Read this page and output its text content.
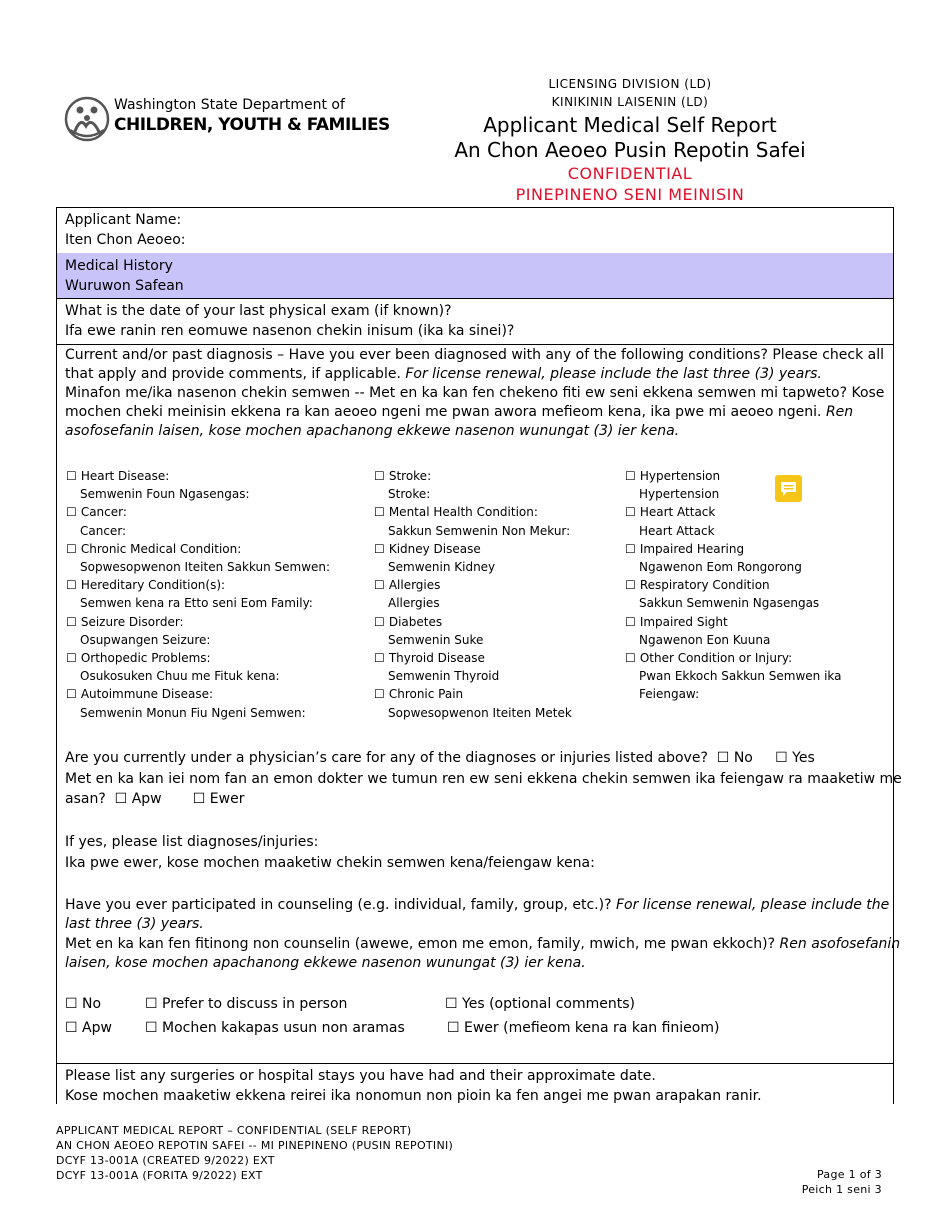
Washington State Department of
CHILDREN, YOUTH & FAMILIES
LICENSING DIVISION (LD)
KINIKININ LAISENIN (LD)
Applicant Medical Self Report
An Chon Aeoeo Pusin Repotin Safei
CONFIDENTIAL
PINEPINENO SENI MEINISIN
Applicant Name:
Iten Chon Aeoeo:
Medical History
Wuruwon Safean
What is the date of your last physical exam (if known)?
Ifa ewe ranin ren eomuwe nasenon chekin inisum (ika ka sinei)?
Current and/or past diagnosis – Have you ever been diagnosed with any of the following conditions? Please check all
that apply and provide comments, if applicable. For license renewal, please include the last three (3) years.
Minafon me/ika nasenon chekin semwen -- Met en ka kan fen chekeno fiti ew seni ekkena semwen mi tapweto? Kose
mochen cheki meinisin ekkena ra kan aeoeo ngeni me pwan awora mefieom kena, ika pwe mi aeoeo ngeni. Ren
asofosefanin laisen, kose mochen apachanong ekkewe nasenon wunungat (3) ier kena.
☐ Heart Disease:
Semwenin Foun Ngasengas:
☐ Cancer:
Cancer:
☐ Chronic Medical Condition:
Sopwesopwenon Iteiten Sakkun Semwen:
☐ Hereditary Condition(s):
Semwen kena ra Etto seni Eom Family:
☐ Seizure Disorder:
Osupwangen Seizure:
☐ Orthopedic Problems:
Osukosuken Chuu me Fituk kena:
☐ Autoimmune Disease:
Semwenin Monun Fiu Ngeni Semwen:
☐ Stroke:
Stroke:
☐ Mental Health Condition:
Sakkun Semwenin Non Mekur:
☐ Kidney Disease
Semwenin Kidney
☐ Allergies
Allergies
☐ Diabetes
Semwenin Suke
☐ Thyroid Disease
Semwenin Thyroid
☐ Chronic Pain
Sopwesopwenon Iteiten Metek
☐ Hypertension
Hypertension
☐ Heart Attack
Heart Attack
☐ Impaired Hearing
Ngawenon Eom Rongorong
☐ Respiratory Condition
Sakkun Semwenin Ngasengas
☐ Impaired Sight
Ngawenon Eon Kuuna
☐ Other Condition or Injury:
Pwan Ekkoch Sakkun Semwen ika
Feiengaw:
Are you currently under a physician’s care for any of the diagnoses or injuries listed above? ☐ No ☐ Yes
Met en ka kan iei nom fan an emon dokter we tumun ren ew seni ekkena chekin semwen ika feiengaw ra maaketiw me
asan? ☐ Apw ☐ Ewer
If yes, please list diagnoses/injuries:
Ika pwe ewer, kose mochen maaketiw chekin semwen kena/feiengaw kena:
Have you ever participated in counseling (e.g. individual, family, group, etc.)? For license renewal, please include the
last three (3) years.
Met en ka kan fen fitinong non counselin (awewe, emon me emon, family, mwich, me pwan ekkoch)? Ren asofosefanin
laisen, kose mochen apachanong ekkewe nasenon wunungat (3) ier kena.
☐ No	☐ Prefer to discuss in person	☐ Yes (optional comments)
☐ Apw ☐ Mochen kakapas usun non aramas	☐ Ewer (mefieom kena ra kan finieom)
Please list any surgeries or hospital stays you have had and their approximate date.
Kose mochen maaketiw ekkena reirei ika nonomun non pioin ka fen angei me pwan arapakan ranir.
APPLICANT MEDICAL REPORT – CONFIDENTIAL (SELF REPORT)
AN CHON AEOEO REPOTIN SAFEI -- MI PINEPINENO (PUSIN REPOTINI)
DCYF 13-001A (CREATED 9/2022) EXT
DCYF 13-001A (FORITA 9/2022) EXT	Page 1 of 3
Peich 1 seni 3
